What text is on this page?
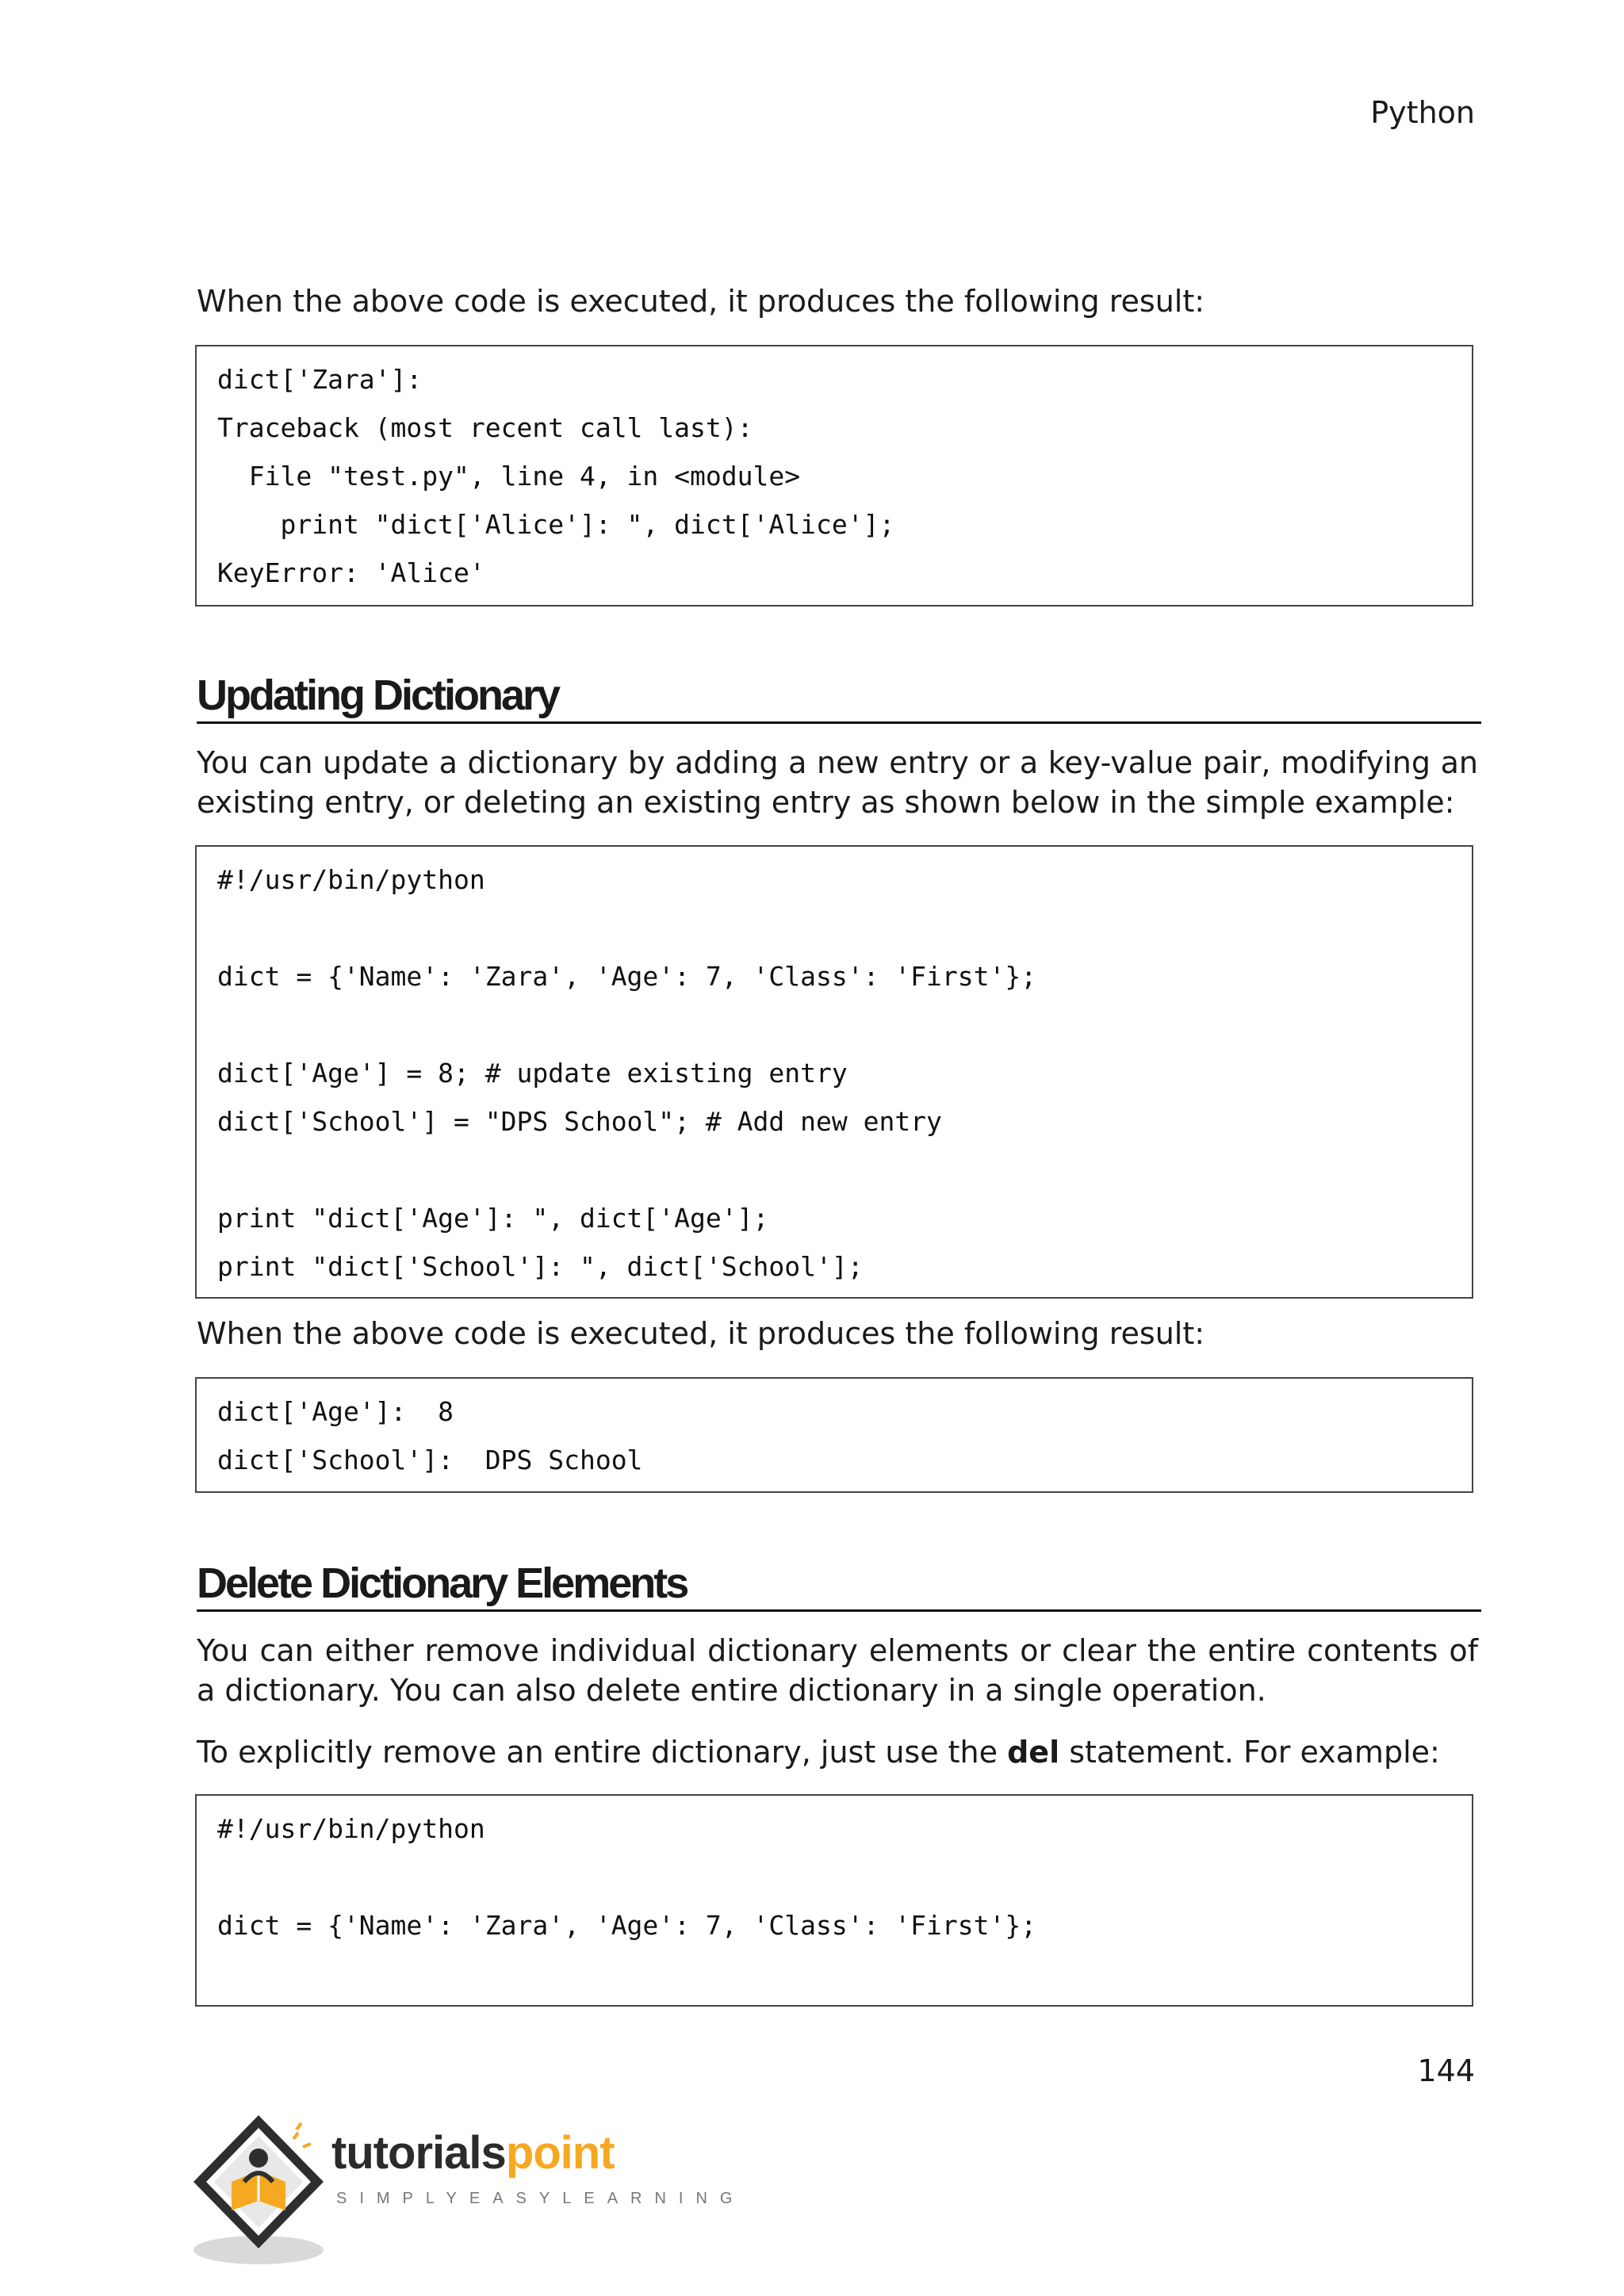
Python
When the above code is executed, it produces the following result:
dict['Zara']:
Traceback (most recent call last):
File "test.py", line 4, in <module>
print "dict['Alice']: ", dict['Alice'];
KeyError: 'Alice'
Updating Dictionary
You can update a dictionary by adding a new entry or a key-value pair, modifying an existing entry, or deleting an existing entry as shown below in the simple example:
#!/usr/bin/python
dict = {'Name': 'Zara', 'Age': 7, 'Class': 'First'};
dict['Age'] = 8; # update existing entry
dict['School'] = "DPS School"; # Add new entry
print "dict['Age']: ", dict['Age'];
print "dict['School']: ", dict['School'];
When the above code is executed, it produces the following result:
dict['Age']:  8
dict['School']:  DPS School
Delete Dictionary Elements
You can either remove individual dictionary elements or clear the entire contents of a dictionary. You can also delete entire dictionary in a single operation.
To explicitly remove an entire dictionary, just use the del statement. For example:
#!/usr/bin/python
dict = {'Name': 'Zara', 'Age': 7, 'Class': 'First'};
144
tutorialspoint
SIMPLYEASYLEARNING
